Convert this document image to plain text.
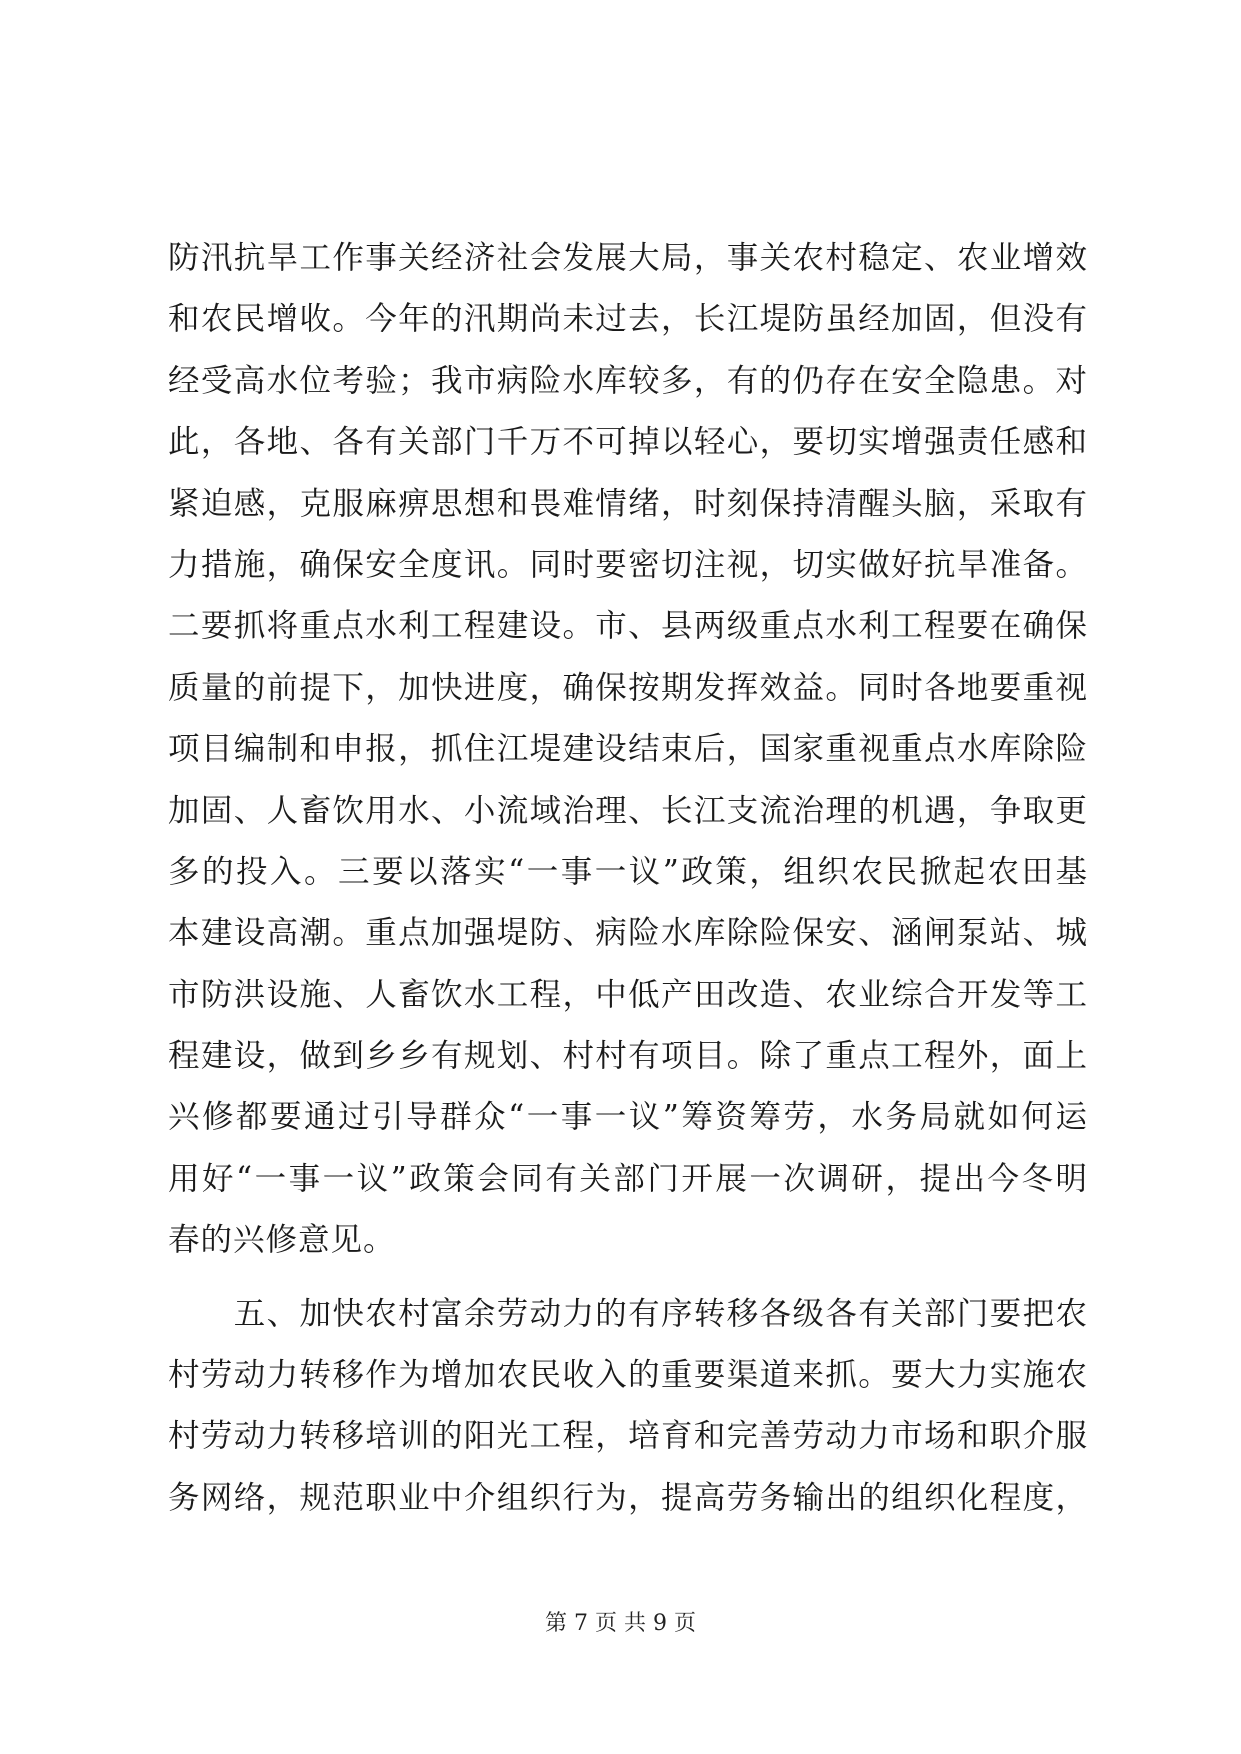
防汛抗旱工作事关经济社会发展大局，事关农村稳定、农业增效
和农民增收。今年的汛期尚未过去，长江堤防虽经加固，但没有
经受高水位考验；我市病险水库较多，有的仍存在安全隐患。对
此，各地、各有关部门千万不可掉以轻心，要切实增强责任感和
紧迫感，克服麻痹思想和畏难情绪，时刻保持清醒头脑，采取有
力措施，确保安全度讯。同时要密切注视，切实做好抗旱准备。
二要抓将重点水利工程建设。市、县两级重点水利工程要在确保
质量的前提下，加快进度，确保按期发挥效益。同时各地要重视
项目编制和申报，抓住江堤建设结束后，国家重视重点水库除险
加固、人畜饮用水、小流域治理、长江支流治理的机遇，争取更
多的投入。三要以落实“一事一议”政策，组织农民掀起农田基
本建设高潮。重点加强堤防、病险水库除险保安、涵闸泵站、城
市防洪设施、人畜饮水工程，中低产田改造、农业综合开发等工
程建设，做到乡乡有规划、村村有项目。除了重点工程外，面上
兴修都要通过引导群众“一事一议”筹资筹劳，水务局就如何运
用好“一事一议”政策会同有关部门开展一次调研，提出今冬明
春的兴修意见。
　　五、加快农村富余劳动力的有序转移各级各有关部门要把农
村劳动力转移作为增加农民收入的重要渠道来抓。要大力实施农
村劳动力转移培训的阳光工程，培育和完善劳动力市场和职介服
务网络，规范职业中介组织行为，提高劳务输出的组织化程度，
第 7 页 共 9 页
